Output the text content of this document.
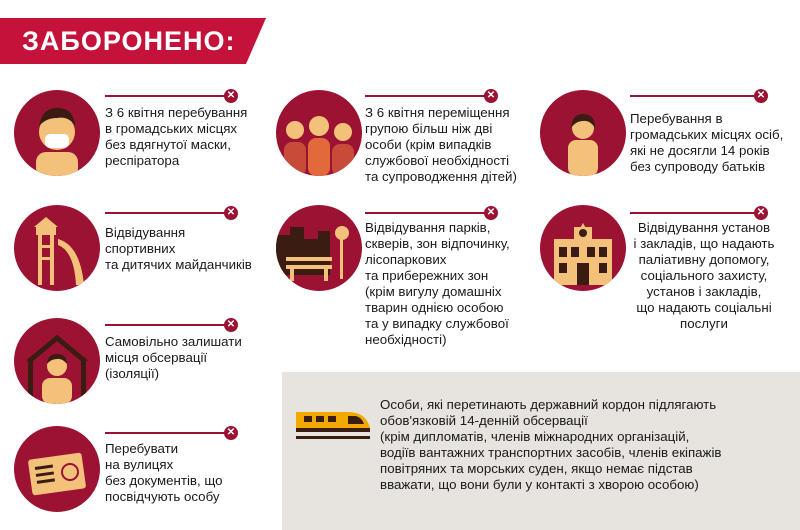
ЗАБОРОНЕНО:
✕
З 6 квітня перебування
в громадських місцях
без вдягнутої маски,
респіратора
✕
З 6 квітня переміщення
групою більш ніж дві
особи (крім випадків
службової необхідності
та супроводження дітей)
✕
Перебування в
громадських місцях осіб,
які не досягли 14 років
без супроводу батьків
✕
Відвідування
спортивних
та дитячих майданчиків
✕
Відвідування парків,
скверів, зон відпочинку,
лісопаркових
та прибережних зон
(крім вигулу домашніх
тварин однією особою
та у випадку службової
необхідності)
✕
Відвідування установ
і закладів, що надають
паліативну допомогу,
соціального захисту,
установ і закладів,
що надають соціальні
послуги
✕
Самовільно залишати
місця обсервації
(ізоляції)
✕
Перебувати
на вулицях
без документів, що
посвідчують особу
Особи, які перетинають державний кордон підлягають
обов'язковій 14-денній обсервації
(крім дипломатів, членів міжнародних організацій,
водіїв вантажних транспортних засобів, членів екіпажів
повітряних та морських суден, якщо немає підстав
вважати, що вони були у контакті з хворою особою)
